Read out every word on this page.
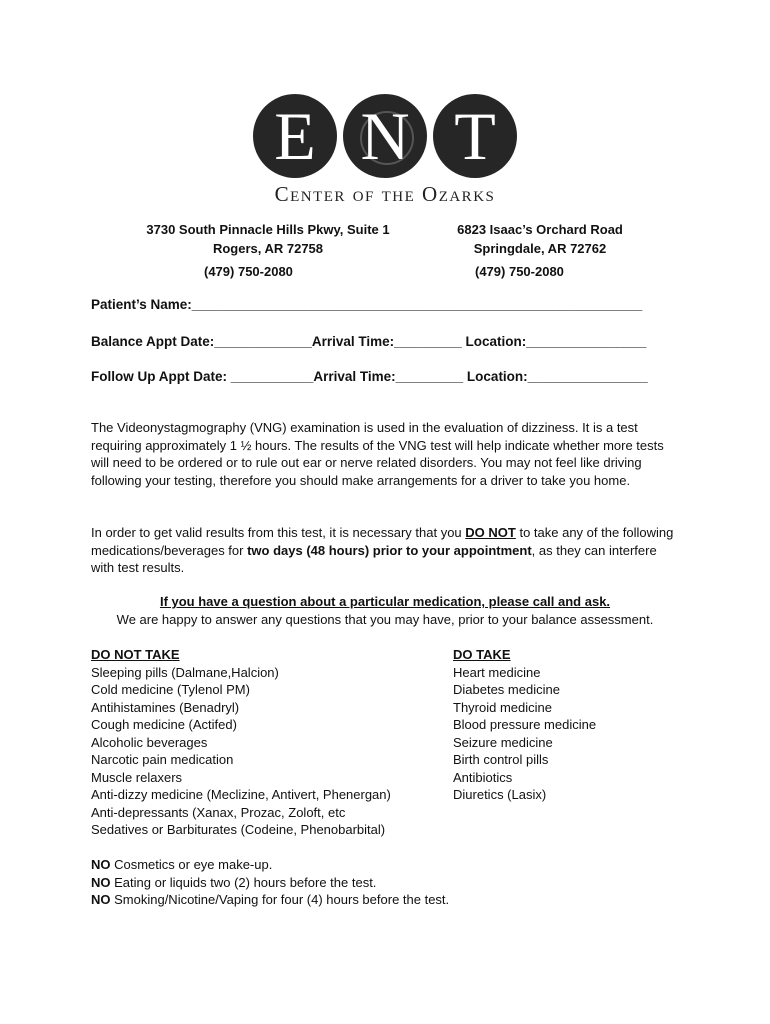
E N T
Center of the Ozarks
3730 South Pinnacle Hills Pkwy, Suite 1
Rogers, AR 72758
6823 Isaac’s Orchard Road
Springdale, AR 72762
(479) 750-2080	(479) 750-2080
Patient’s Name:____________________________________________________________
Balance Appt Date:_____________Arrival Time:_________ Location:________________
Follow Up Appt Date: ___________Arrival Time:_________ Location:________________
The Videonystagmography (VNG) examination is used in the evaluation of dizziness. It is a test requiring approximately 1 ½ hours. The results of the VNG test will help indicate whether more tests will need to be ordered or to rule out ear or nerve related disorders. You may not feel like driving following your testing, therefore you should make arrangements for a driver to take you home.
In order to get valid results from this test, it is necessary that you DO NOT to take any of the following medications/beverages for two days (48 hours) prior to your appointment, as they can interfere with test results.
If you have a question about a particular medication, please call and ask.
We are happy to answer any questions that you may have, prior to your balance assessment.
DO NOT TAKE
Sleeping pills (Dalmane,Halcion)
Cold medicine (Tylenol PM)
Antihistamines (Benadryl)
Cough medicine (Actifed)
Alcoholic beverages
Narcotic pain medication
Muscle relaxers
Anti-dizzy medicine (Meclizine, Antivert, Phenergan)
Anti-depressants (Xanax, Prozac, Zoloft, etc
Sedatives or Barbiturates (Codeine, Phenobarbital)
DO TAKE
Heart medicine
Diabetes medicine
Thyroid medicine
Blood pressure medicine
Seizure medicine
Birth control pills
Antibiotics
Diuretics (Lasix)
NO Cosmetics or eye make-up.
NO Eating or liquids two (2) hours before the test.
NO Smoking/Nicotine/Vaping for four (4) hours before the test.
